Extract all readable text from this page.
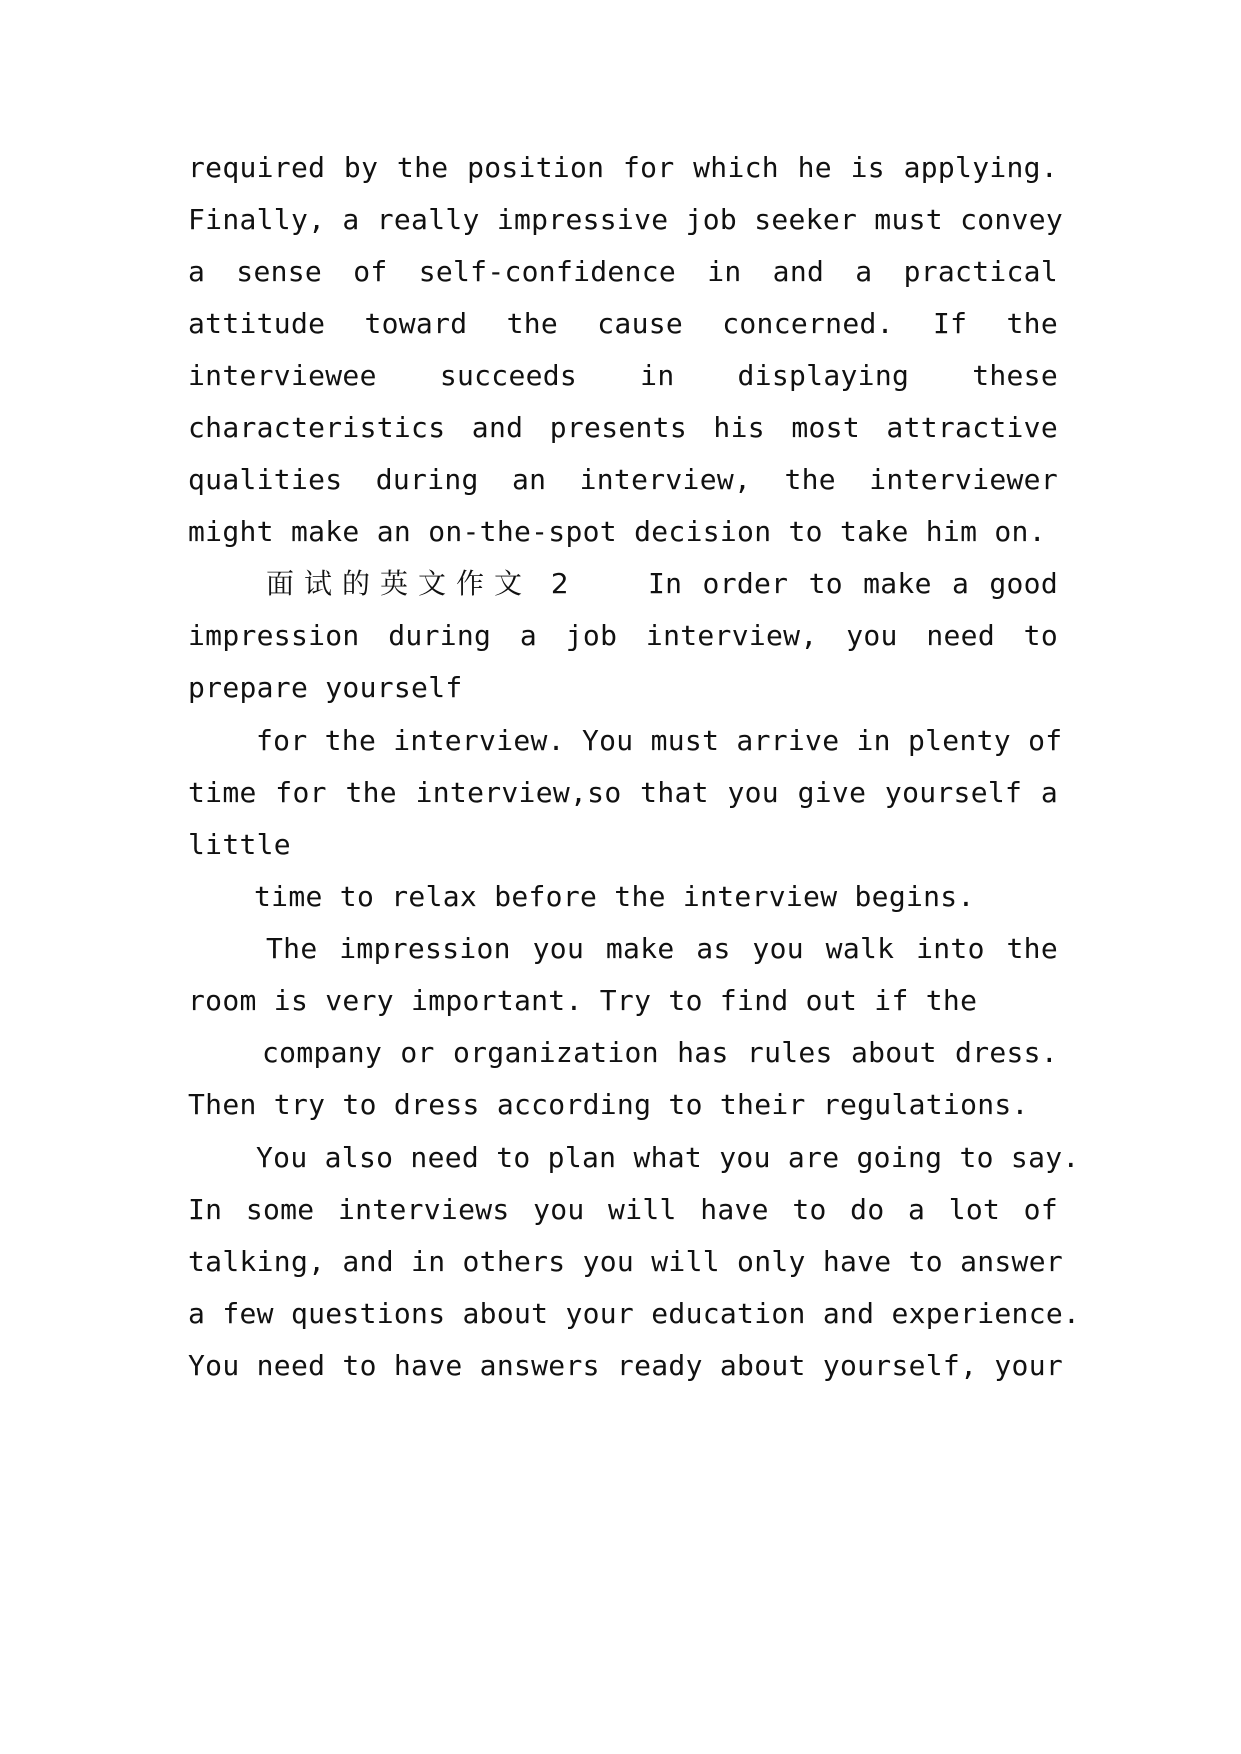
required by the position for which he is applying.
Finally, a really impressive job seeker must convey
a sense of self-confidence in and a practical
attitude toward the cause concerned. If the
interviewee succeeds in displaying these
characteristics and presents his most attractive
qualities during an interview, the interviewer
might make an on-the-spot decision to take him on.
面试的英文作文 2 In order to make a good
impression during a job interview, you need to
prepare yourself
for the interview. You must arrive in plenty of
time for the interview,so that you give yourself a
little
time to relax before the interview begins.
The impression you make as you walk into the
room is very important. Try to find out if the
company or organization has rules about dress.
Then try to dress according to their regulations.
You also need to plan what you are going to say.
In some interviews you will have to do a lot of
talking, and in others you will only have to answer
a few questions about your education and experience.
You need to have answers ready about yourself, your
